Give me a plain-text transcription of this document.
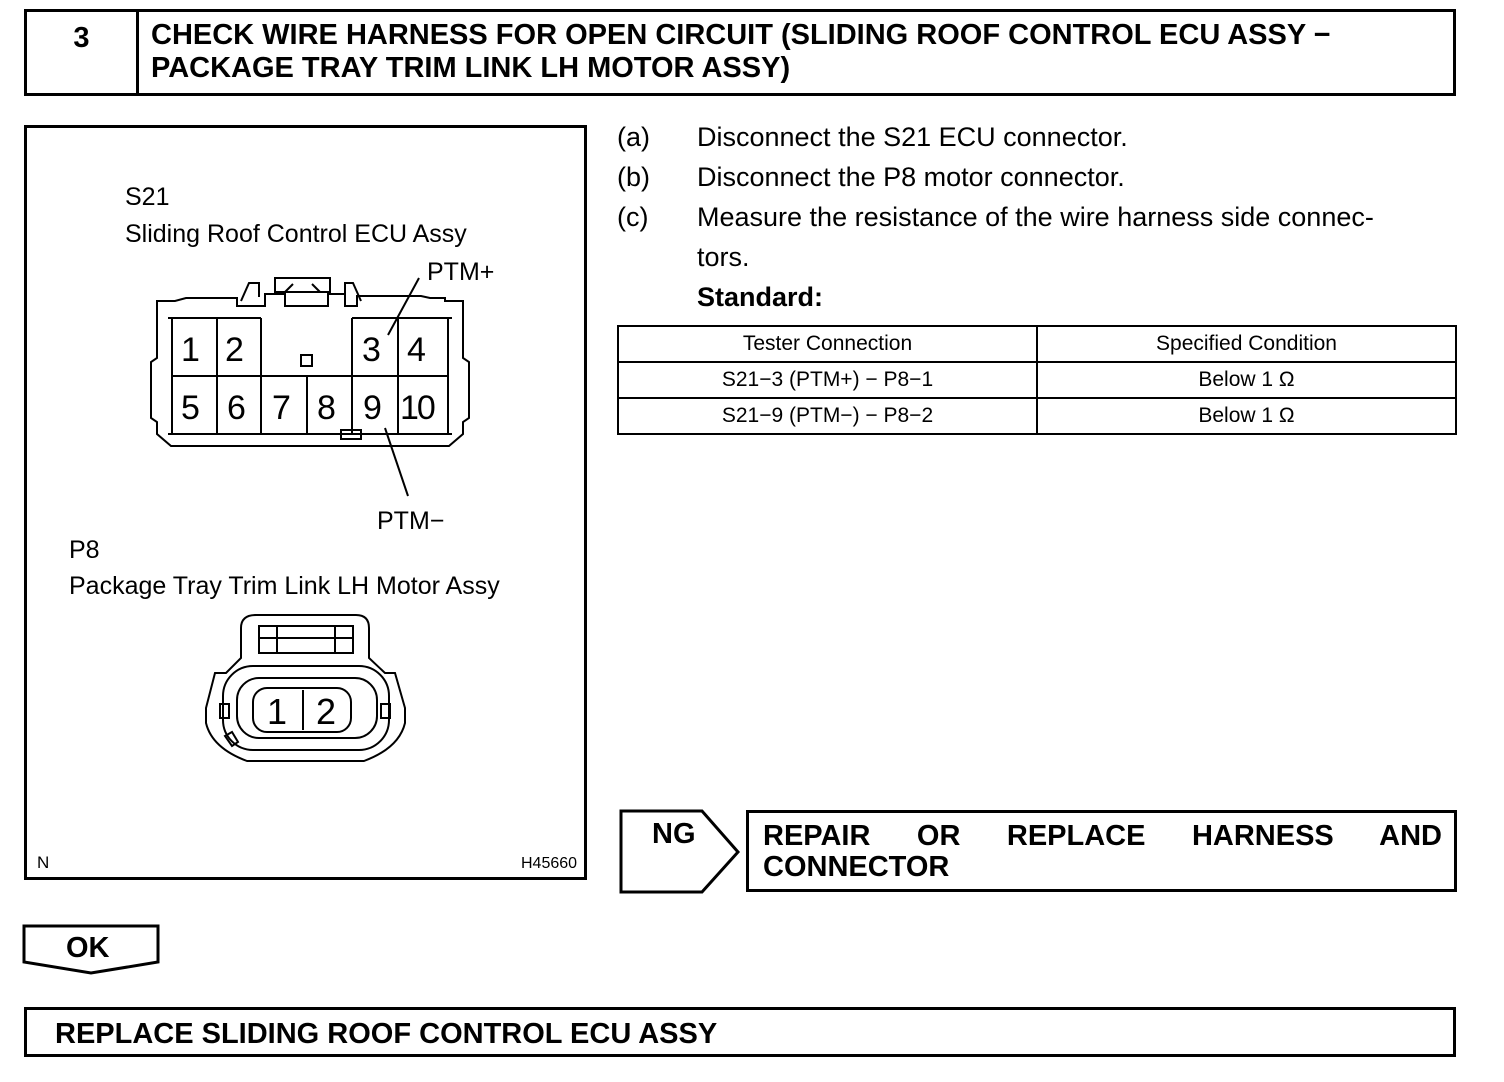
3	CHECK WIRE HARNESS FOR OPEN CIRCUIT (SLIDING ROOF CONTROL ECU ASSY − PACKAGE TRAY TRIM LINK LH MOTOR ASSY)
S21
Sliding Roof Control ECU Assy
PTM+
1 2	3 4
5 6 7 8 9 10
PTM−
P8
Package Tray Trim Link LH Motor Assy
1 2
N	H45660
(a) Disconnect the S21 ECU connector.
(b) Disconnect the P8 motor connector.
(c) Measure the resistance of the wire harness side connec-
tors.
Standard:
Tester Connection	Specified Condition
S21−3 (PTM+) − P8−1	Below 1 Ω
S21−9 (PTM−) − P8−2	Below 1 Ω
NG REPAIR OR REPLACE HARNESS AND CONNECTOR
OK
REPLACE SLIDING ROOF CONTROL ECU ASSY
